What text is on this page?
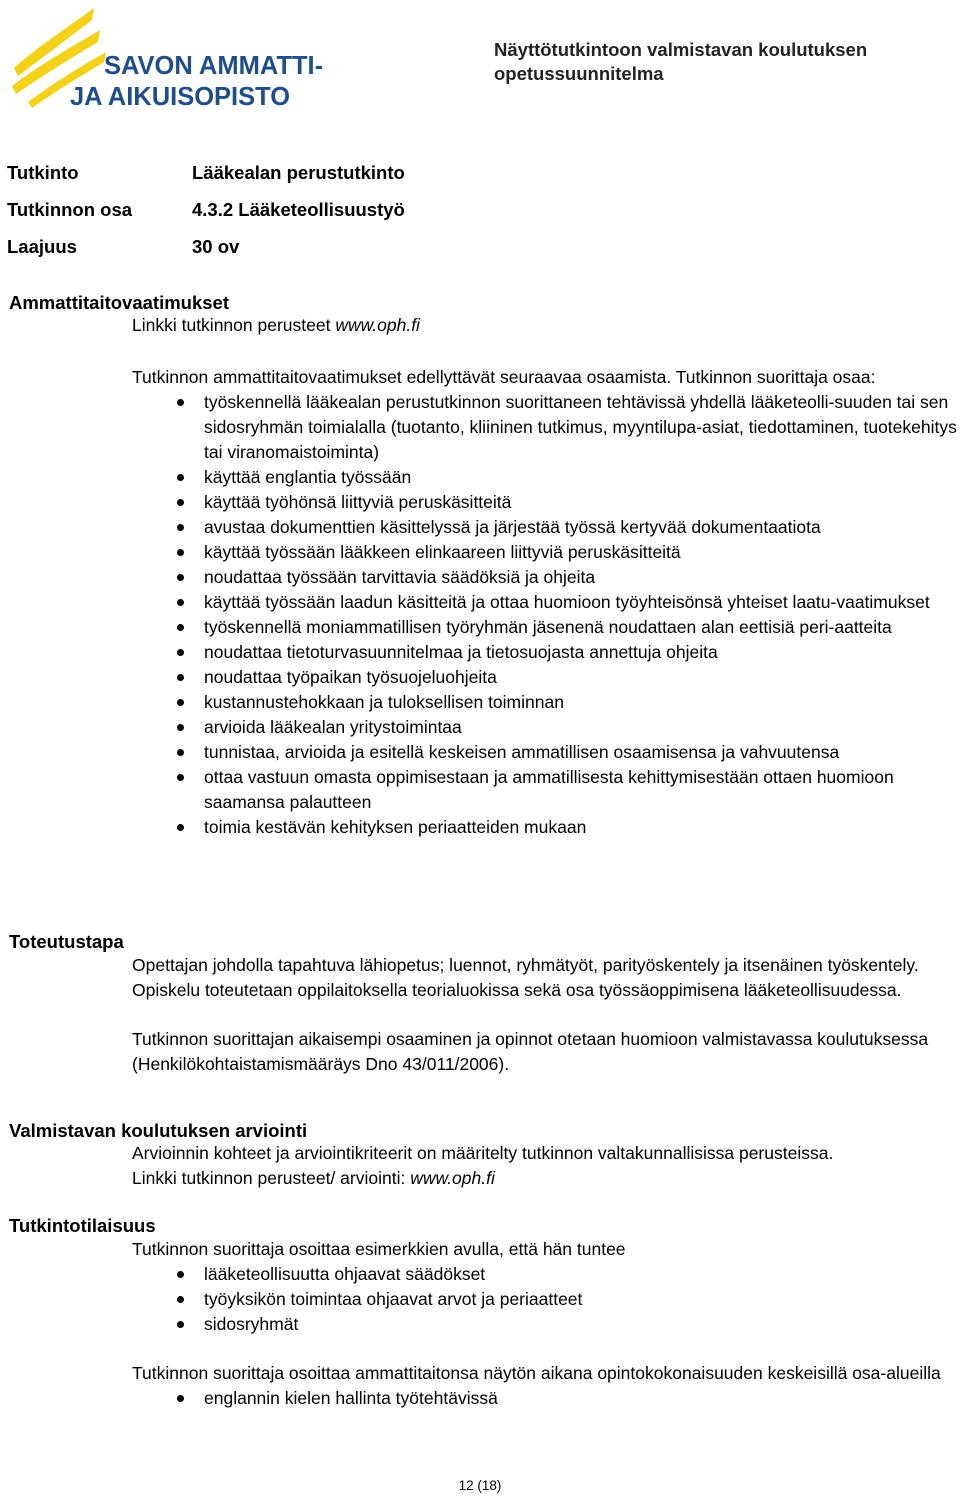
SAVON AMMATTI-
JA AIKUISOPISTO
Näyttötutkintoon valmistavan koulutuksen opetussuunnitelma
Tutkinto	Lääkealan perustutkinto
Tutkinnon osa	4.3.2 Lääketeollisuustyö
Laajuus	30 ov
Ammattitaitovaatimukset

Linkki tutkinnon perusteet www.oph.fi

Tutkinnon ammattitaitovaatimukset edellyttävät seuraavaa osaamista. Tutkinnon suorittaja osaa:

työskennellä lääkealan perustutkinnon suorittaneen tehtävissä yhdellä lääketeolli-suuden tai sen sidosryhmän toimialalla (tuotanto, kliininen tutkimus, myyntilupa-asiat, tiedottaminen, tuotekehitys tai viranomaistoiminta)
käyttää englantia työssään
käyttää työhönsä liittyviä peruskäsitteitä
avustaa dokumenttien käsittelyssä ja järjestää työssä kertyvää dokumentaatiota
käyttää työssään lääkkeen elinkaareen liittyviä peruskäsitteitä
noudattaa työssään tarvittavia säädöksiä ja ohjeita
käyttää työssään laadun käsitteitä ja ottaa huomioon työyhteisönsä yhteiset laatu-vaatimukset
työskennellä moniammatillisen työryhmän jäsenenä noudattaen alan eettisiä peri-aatteita
noudattaa tietoturvasuunnitelmaa ja tietosuojasta annettuja ohjeita
noudattaa työpaikan työsuojeluohjeita
kustannustehokkaan ja tuloksellisen toiminnan
arvioida lääkealan yritystoimintaa
tunnistaa, arvioida ja esitellä keskeisen ammatillisen osaamisensa ja vahvuutensa
ottaa vastuun omasta oppimisestaan ja ammatillisesta kehittymisestään ottaen huomioon saamansa palautteen
toimia kestävän kehityksen periaatteiden mukaan
Toteutustapa

Opettajan johdolla tapahtuva lähiopetus; luennot, ryhmätyöt, parityöskentely ja itsenäinen työskentely. Opiskelu toteutetaan oppilaitoksella teorialuokissa sekä osa työssäoppimisena lääketeollisuudessa.

Tutkinnon suorittajan aikaisempi osaaminen ja opinnot otetaan huomioon valmistavassa koulutuksessa (Henkilökohtaistamismääräys Dno 43/011/2006).

Valmistavan koulutuksen arviointi

Arvioinnin kohteet ja arviointikriteerit on määritelty tutkinnon valtakunnallisissa perusteissa.

Linkki tutkinnon perusteet/ arviointi: www.oph.fi

Tutkintotilaisuus

Tutkinnon suorittaja osoittaa esimerkkien avulla, että hän tuntee

lääketeollisuutta ohjaavat säädökset
työyksikön toimintaa ohjaavat arvot ja periaatteet
sidosryhmät

Tutkinnon suorittaja osoittaa ammattitaitonsa näytön aikana opintokokonaisuuden keskeisillä osa-alueilla

englannin kielen hallinta työtehtävissä
12 (18)
